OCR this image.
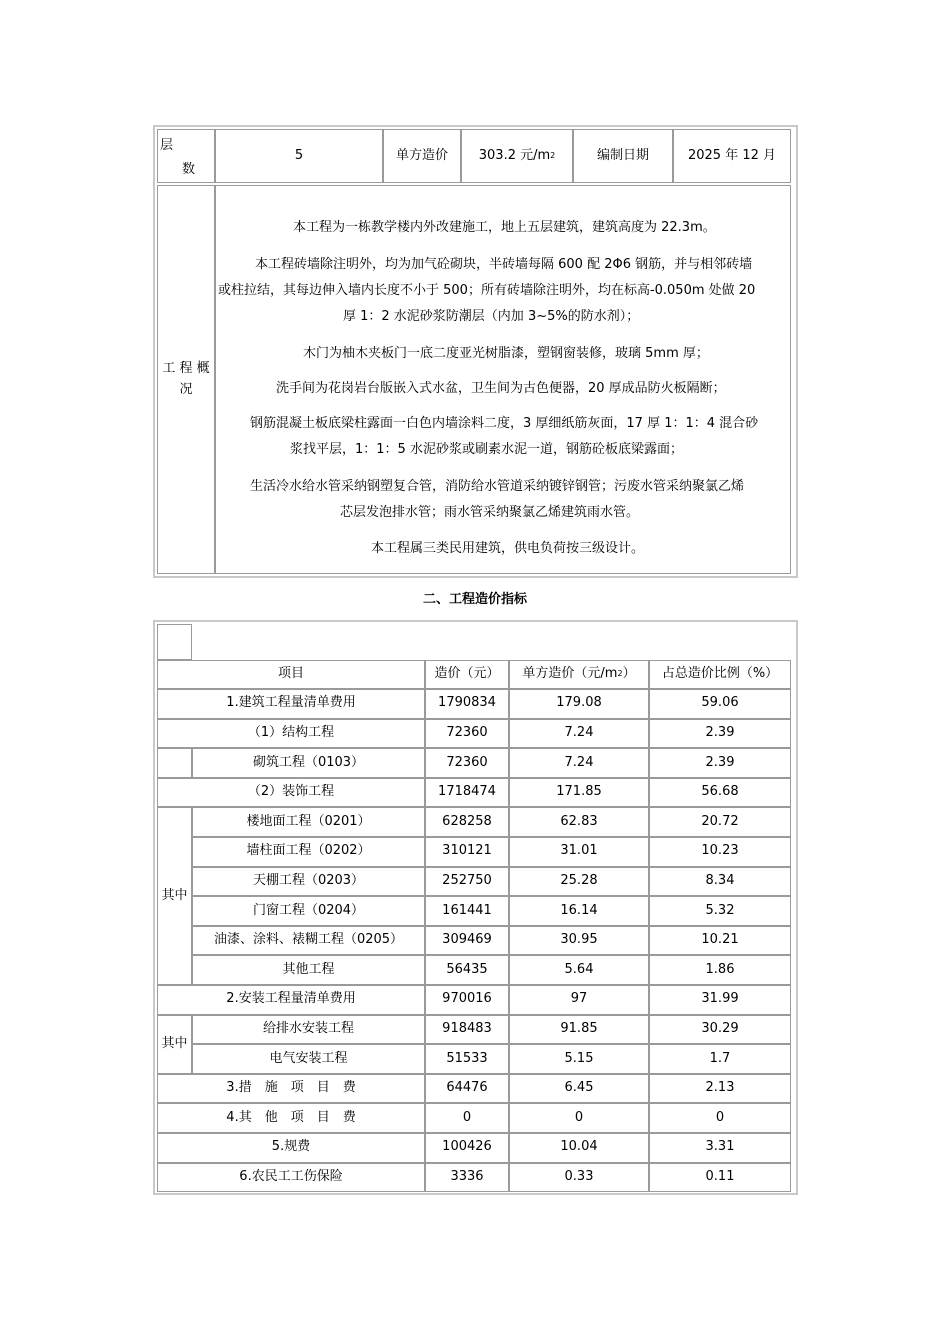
层
数
5	单方造价	303.2 元/m 2	编制日期	2025 年 12 月
工 程 概
况
本工程为一栋教学楼内外改建施工，地上五层建筑，建筑高度为 22.3m。
本工程砖墙除注明外，均为加气砼砌块，半砖墙每隔 600 配 2Φ6 钢筋，并与相邻砖墙
或柱拉结，其每边伸入墙内长度不小于 500；所有砖墙除注明外，均在标高-0.050m 处做 20
厚 1：2 水泥砂浆防潮层（内加 3~5%的防水剂）；
木门为柚木夹板门一底二度亚光树脂漆，塑钢窗装修，玻璃 5mm 厚；
洗手间为花岗岩台版嵌入式水盆，卫生间为古色便器，20 厚成品防火板隔断；
钢筋混凝土板底梁柱露面一白色内墙涂料二度，3 厚细纸筋灰面，17 厚 1：1：4 混合砂
浆找平层，1：1：5 水泥砂浆或刷素水泥一道，钢筋砼板底梁露面；
生活冷水给水管采纳钢塑复合管，消防给水管道采纳镀锌钢管；污废水管采纳聚氯乙烯
芯层发泡排水管；雨水管采纳聚氯乙烯建筑雨水管。
本工程属三类民用建筑，供电负荷按三级设计。
二、工程造价指标
项目	造价（元）	单方造价（元/m 2 ）	占总造价比例（%）
1.建筑工程量清单费用	1790834	179.08	59.06
（1）结构工程	72360	7.24	2.39
砌筑工程（0103）	72360	7.24	2.39
（2）装饰工程	1718474	171.85	56.68
楼地面工程（0201）	628258	62.83	20.72
墙柱面工程（0202）	310121	31.01	10.23
天棚工程（0203）	252750	25.28	8.34
门窗工程（0204）	161441	16.14	5.32
油漆、涂料、裱糊工程（0205）	309469	30.95	10.21
其他工程	56435	5.64	1.86
2.安装工程量清单费用	970016	97	31.99
给排水安装工程	918483	91.85	30.29
电气安装工程	51533	5.15	1.7
3.措　施　项　目　费	64476	6.45	2.13
4.其　他　项　目　费	0	0	0
5.规费	100426	10.04	3.31
6.农民工工伤保险	3336	0.33	0.11
其中
其中
